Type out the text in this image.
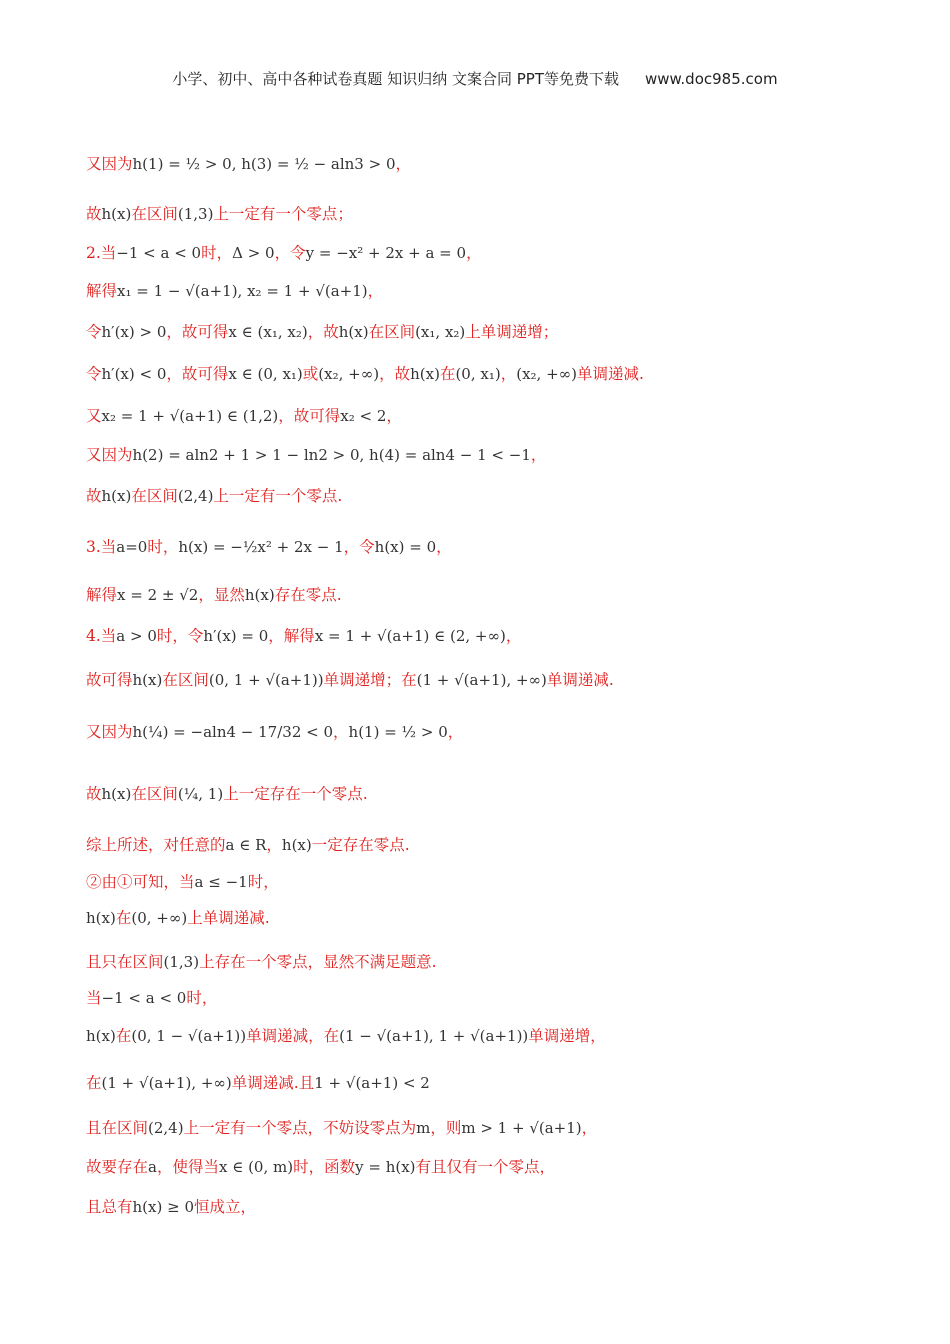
小学、初中、高中各种试卷真题 知识归纳 文案合同 PPT等免费下载 www.doc985.com
又因为h(1) = ½ > 0, h(3) = ½ − aln3 > 0，
故h(x)在区间(1,3)上一定有一个零点；
2.当−1 < a < 0时，Δ > 0，令y = −x² + 2x + a = 0，
解得x₁ = 1 − √(a+1), x₂ = 1 + √(a+1)，
令h′(x) > 0，故可得x ∈ (x₁, x₂)，故h(x)在区间(x₁, x₂)上单调递增；
令h′(x) < 0，故可得x ∈ (0, x₁)或(x₂, +∞)，故h(x)在(0, x₁)，(x₂, +∞)单调递减.
又x₂ = 1 + √(a+1) ∈ (1,2)，故可得x₂ < 2，
又因为h(2) = aln2 + 1 > 1 − ln2 > 0, h(4) = aln4 − 1 < −1，
故h(x)在区间(2,4)上一定有一个零点.
3.当a=0时，h(x) = −½x² + 2x − 1，令h(x) = 0，
解得x = 2 ± √2，显然h(x)存在零点.
4.当a > 0时，令h′(x) = 0，解得x = 1 + √(a+1) ∈ (2, +∞)，
故可得h(x)在区间(0, 1 + √(a+1))单调递增；在(1 + √(a+1), +∞)单调递减.
又因为h(¼) = −aln4 − 17/32 < 0，h(1) = ½ > 0，
故h(x)在区间(¼, 1)上一定存在一个零点.
综上所述，对任意的a ∈ R，h(x)一定存在零点.
②由①可知，当a ≤ −1时，
h(x)在(0, +∞)上单调递减.
且只在区间(1,3)上存在一个零点，显然不满足题意.
当−1 < a < 0时，
h(x)在(0, 1 − √(a+1))单调递减，在(1 − √(a+1), 1 + √(a+1))单调递增，
在(1 + √(a+1), +∞)单调递减.且1 + √(a+1) < 2
且在区间(2,4)上一定有一个零点，不妨设零点为m，则m > 1 + √(a+1)，
故要存在a，使得当x ∈ (0, m)时，函数y = h(x)有且仅有一个零点，
且总有h(x) ≥ 0恒成立，
